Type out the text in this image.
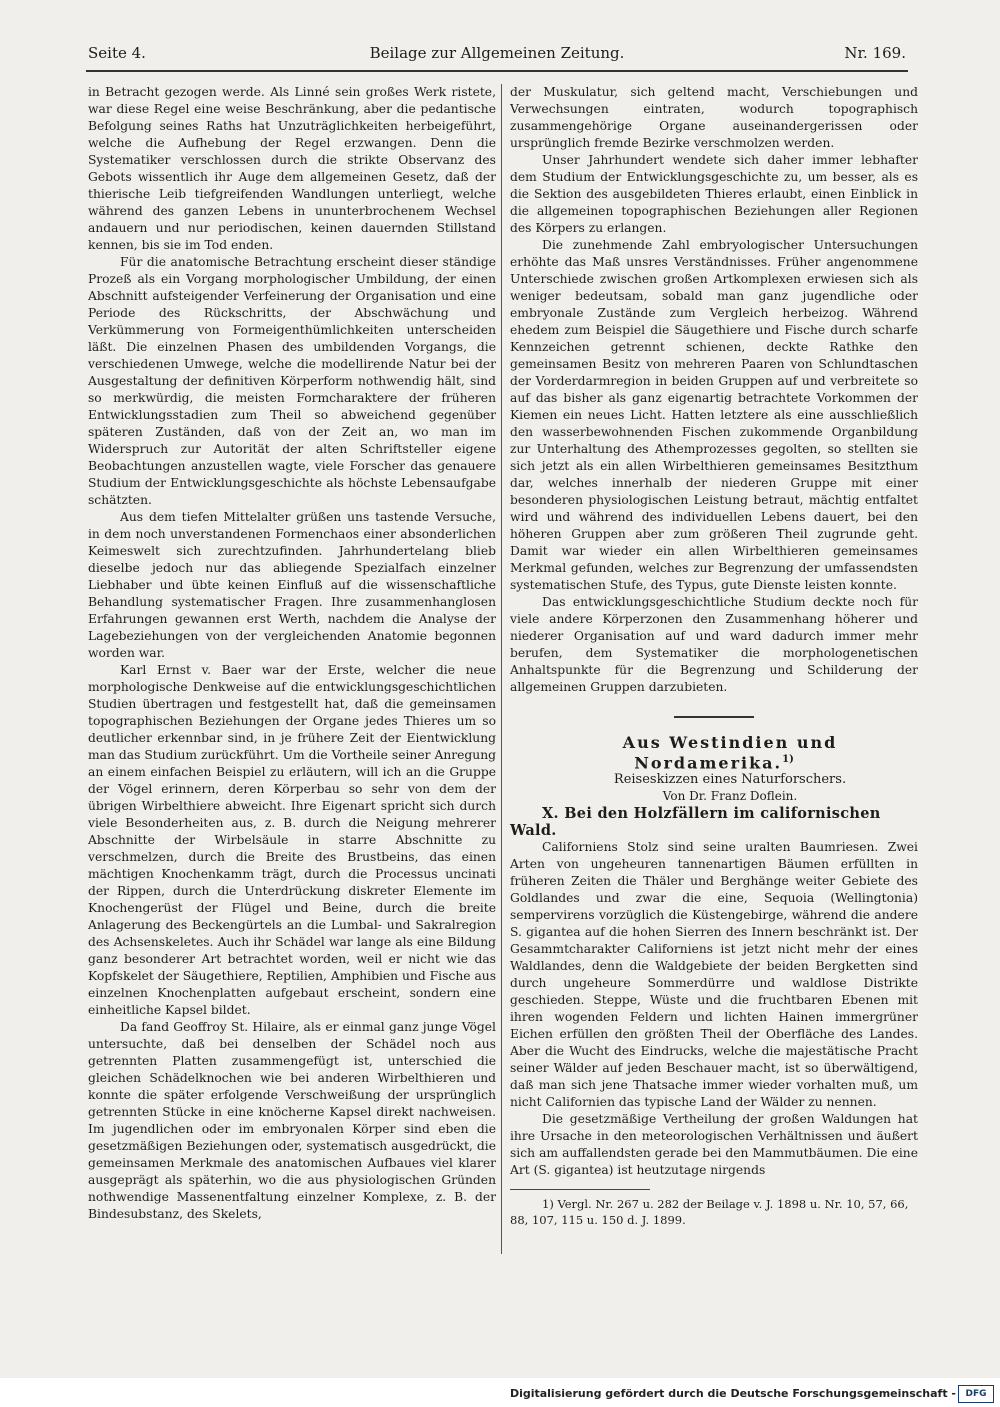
Seite 4.	Beilage zur Allgemeinen Zeitung.	Nr. 169.

in Betracht gezogen werde. Als Linné sein großes Werk ristete, war diese Regel eine weise Beschränkung, aber die pedantische Befolgung seines Raths hat Unzuträglichkeiten herbeigeführt, welche die Aufhebung der Regel erzwangen. Denn die Systematiker verschlossen durch die strikte Observanz des Gebots wissentlich ihr Auge dem allgemeinen Gesetz, daß der thierische Leib tiefgreifenden Wandlungen unterliegt, welche während des ganzen Lebens in ununterbrochenem Wechsel andauern und nur periodischen, keinen dauernden Stillstand kennen, bis sie im Tod enden.

Für die anatomische Betrachtung erscheint dieser ständige Prozeß als ein Vorgang morphologischer Umbildung, der einen Abschnitt aufsteigender Verfeinerung der Organisation und eine Periode des Rückschritts, der Abschwächung und Verkümmerung von Formeigenthümlichkeiten unterscheiden läßt. Die einzelnen Phasen des umbildenden Vorgangs, die verschiedenen Umwege, welche die modellirende Natur bei der Ausgestaltung der definitiven Körperform nothwendig hält, sind so merkwürdig, die meisten Formcharaktere der früheren Entwicklungsstadien zum Theil so abweichend gegenüber späteren Zuständen, daß von der Zeit an, wo man im Widerspruch zur Autorität der alten Schriftsteller eigene Beobachtungen anzustellen wagte, viele Forscher das genauere Studium der Entwicklungsgeschichte als höchste Lebensaufgabe schätzten.

Aus dem tiefen Mittelalter grüßen uns tastende Versuche, in dem noch unverstandenen Formenchaos einer absonderlichen Keimeswelt sich zurechtzufinden. Jahrhundertelang blieb dieselbe jedoch nur das abliegende Spezialfach einzelner Liebhaber und übte keinen Einfluß auf die wissenschaftliche Behandlung systematischer Fragen. Ihre zusammenhanglosen Erfahrungen gewannen erst Werth, nachdem die Analyse der Lagebeziehungen von der vergleichenden Anatomie begonnen worden war.

Karl Ernst v. Baer war der Erste, welcher die neue morphologische Denkweise auf die entwicklungsgeschichtlichen Studien übertragen und festgestellt hat, daß die gemeinsamen topographischen Beziehungen der Organe jedes Thieres um so deutlicher erkennbar sind, in je frühere Zeit der Eientwicklung man das Studium zurückführt. Um die Vortheile seiner Anregung an einem einfachen Beispiel zu erläutern, will ich an die Gruppe der Vögel erinnern, deren Körperbau so sehr von dem der übrigen Wirbelthiere abweicht. Ihre Eigenart spricht sich durch viele Besonderheiten aus, z. B. durch die Neigung mehrerer Abschnitte der Wirbelsäule in starre Abschnitte zu verschmelzen, durch die Breite des Brustbeins, das einen mächtigen Knochenkamm trägt, durch die Processus uncinati der Rippen, durch die Unterdrückung diskreter Elemente im Knochengerüst der Flügel und Beine, durch die breite Anlagerung des Beckengürtels an die Lumbal- und Sakralregion des Achsenskeletes. Auch ihr Schädel war lange als eine Bildung ganz besonderer Art betrachtet worden, weil er nicht wie das Kopfskelet der Säugethiere, Reptilien, Amphibien und Fische aus einzelnen Knochenplatten aufgebaut erscheint, sondern eine einheitliche Kapsel bildet.

Da fand Geoffroy St. Hilaire, als er einmal ganz junge Vögel untersuchte, daß bei denselben der Schädel noch aus getrennten Platten zusammengefügt ist, unterschied die gleichen Schädelknochen wie bei anderen Wirbelthieren und konnte die später erfolgende Verschweißung der ursprünglich getrennten Stücke in eine knöcherne Kapsel direkt nachweisen. Im jugendlichen oder im embryonalen Körper sind eben die gesetzmäßigen Beziehungen oder, systematisch ausgedrückt, die gemeinsamen Merkmale des anatomischen Aufbaues viel klarer ausgeprägt als späterhin, wo die aus physiologischen Gründen nothwendige Massenentfaltung einzelner Komplexe, z. B. der Bindesubstanz, des Skelets,

der Muskulatur, sich geltend macht, Verschiebungen und Verwechsungen eintraten, wodurch topographisch zusammengehörige Organe auseinandergerissen oder ursprünglich fremde Bezirke verschmolzen werden.

Unser Jahrhundert wendete sich daher immer lebhafter dem Studium der Entwicklungsgeschichte zu, um besser, als es die Sektion des ausgebildeten Thieres erlaubt, einen Einblick in die allgemeinen topographischen Beziehungen aller Regionen des Körpers zu erlangen.

Die zunehmende Zahl embryologischer Untersuchungen erhöhte das Maß unsres Verständnisses. Früher angenommene Unterschiede zwischen großen Artkomplexen erwiesen sich als weniger bedeutsam, sobald man ganz jugendliche oder embryonale Zustände zum Vergleich herbeizog. Während ehedem zum Beispiel die Säugethiere und Fische durch scharfe Kennzeichen getrennt schienen, deckte Rathke den gemeinsamen Besitz von mehreren Paaren von Schlundtaschen der Vorderdarmregion in beiden Gruppen auf und verbreitete so auf das bisher als ganz eigenartig betrachtete Vorkommen der Kiemen ein neues Licht. Hatten letztere als eine ausschließlich den wasserbewohnenden Fischen zukommende Organbildung zur Unterhaltung des Athemprozesses gegolten, so stellten sie sich jetzt als ein allen Wirbelthieren gemeinsames Besitzthum dar, welches innerhalb der niederen Gruppe mit einer besonderen physiologischen Leistung betraut, mächtig entfaltet wird und während des individuellen Lebens dauert, bei den höheren Gruppen aber zum größeren Theil zugrunde geht. Damit war wieder ein allen Wirbelthieren gemeinsames Merkmal gefunden, welches zur Begrenzung der umfassendsten systematischen Stufe, des Typus, gute Dienste leisten konnte.

Das entwicklungsgeschichtliche Studium deckte noch für viele andere Körperzonen den Zusammenhang höherer und niederer Organisation auf und ward dadurch immer mehr berufen, dem Systematiker die morphologenetischen Anhaltspunkte für die Begrenzung und Schilderung der allgemeinen Gruppen darzubieten.

Aus Westindien und Nordamerika.$^{1)}$

Reiseskizzen eines Naturforschers.

Von Dr. Franz Doflein.

X. Bei den Holzfällern im californischen Wald.

Californiens Stolz sind seine uralten Baumriesen. Zwei Arten von ungeheuren tannenartigen Bäumen erfüllten in früheren Zeiten die Thäler und Berghänge weiter Gebiete des Goldlandes und zwar die eine, Sequoia (Wellingtonia) sempervirens vorzüglich die Küstengebirge, während die andere S. gigantea auf die hohen Sierren des Innern beschränkt ist. Der Gesammtcharakter Californiens ist jetzt nicht mehr der eines Waldlandes, denn die Waldgebiete der beiden Bergketten sind durch ungeheure Sommerdürre und waldlose Distrikte geschieden. Steppe, Wüste und die fruchtbaren Ebenen mit ihren wogenden Feldern und lichten Hainen immergrüner Eichen erfüllen den größten Theil der Oberfläche des Landes. Aber die Wucht des Eindrucks, welche die majestätische Pracht seiner Wälder auf jeden Beschauer macht, ist so überwältigend, daß man sich jene Thatsache immer wieder vorhalten muß, um nicht Californien das typische Land der Wälder zu nennen.

Die gesetzmäßige Vertheilung der großen Waldungen hat ihre Ursache in den meteorologischen Verhältnissen und äußert sich am auffallendsten gerade bei den Mammutbäumen. Die eine Art (S. gigantea) ist heutzutage nirgends

1) Vergl. Nr. 267 u. 282 der Beilage v. J. 1898 u. Nr. 10, 57, 66, 88, 107, 115 u. 150 d. J. 1899.

Digitalisierung gefördert durch die Deutsche Forschungsgemeinschaft -	DFG
